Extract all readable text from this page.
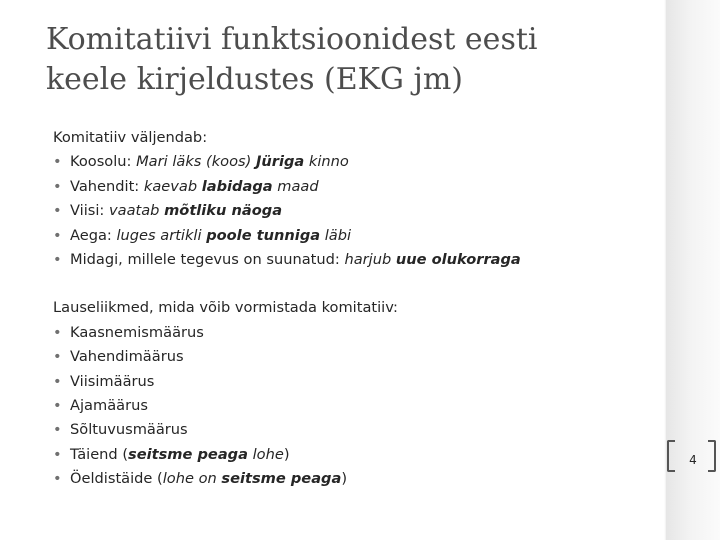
Komitatiivi funktsioonidest eesti
keele kirjeldustes (EKG jm)
Komitatiiv väljendab:
• Koosolu: Mari läks (koos) Jüriga kinno
• Vahendit: kaevab labidaga maad
• Viisi: vaatab mõtliku näoga
• Aega: luges artikli poole tunniga läbi
• Midagi, millele tegevus on suunatud: harjub uue olukorraga
Lauseliikmed, mida võib vormistada komitatiiv:
• Kaasnemismäärus
• Vahendimäärus
• Viisimäärus
• Ajamäärus
• Sõltuvusmäärus
• Täiend (seitsme peaga lohe)
• Öeldistäide (lohe on seitsme peaga)
4
